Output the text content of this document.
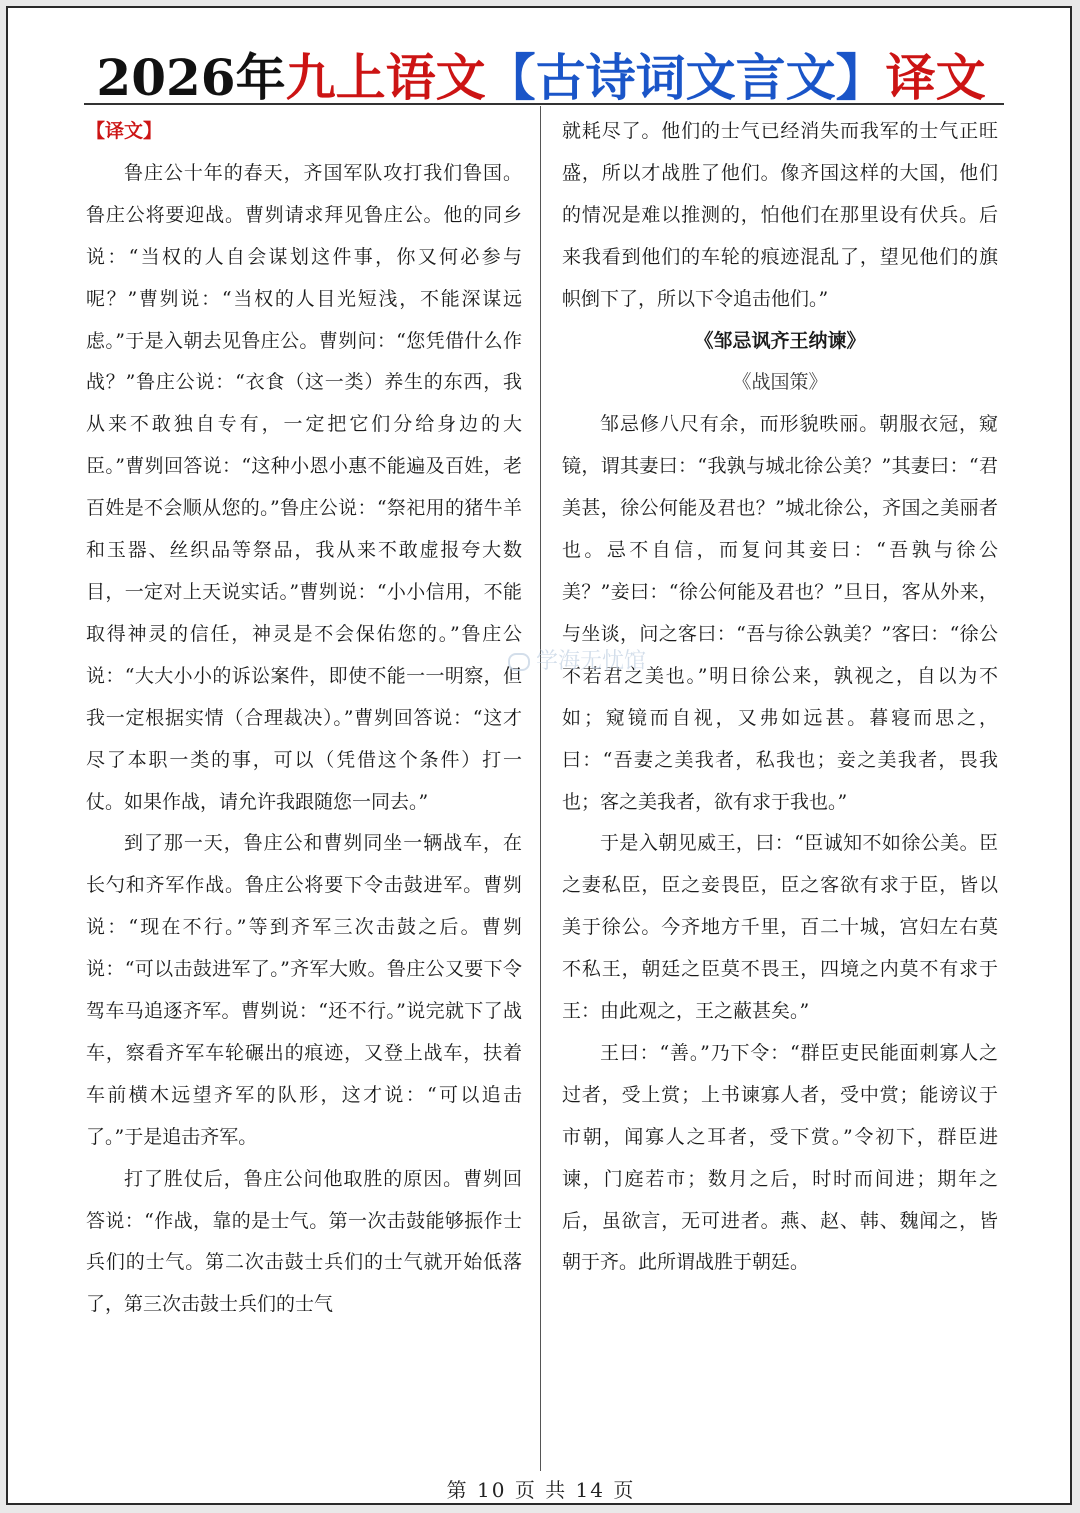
2026年九上语文【古诗词文言文】译文

【译文】

鲁庄公十年的春天，齐国军队攻打我们鲁国。鲁庄公将要迎战。曹刿请求拜见鲁庄公。他的同乡说：“当权的人自会谋划这件事，你又何必参与呢？”曹刿说：“当权的人目光短浅，不能深谋远虑。”于是入朝去见鲁庄公。曹刿问：“您凭借什么作战？”鲁庄公说：“衣食（这一类）养生的东西，我从来不敢独自专有，一定把它们分给身边的大臣。”曹刿回答说：“这种小恩小惠不能遍及百姓，老百姓是不会顺从您的。”鲁庄公说：“祭祀用的猪牛羊和玉器、丝织品等祭品，我从来不敢虚报夸大数目，一定对上天说实话。”曹刿说：“小小信用，不能取得神灵的信任，神灵是不会保佑您的。”鲁庄公说：“大大小小的诉讼案件，即使不能一一明察，但我一定根据实情（合理裁决）。”曹刿回答说：“这才尽了本职一类的事，可以（凭借这个条件）打一仗。如果作战，请允许我跟随您一同去。”

到了那一天，鲁庄公和曹刿同坐一辆战车，在长勺和齐军作战。鲁庄公将要下令击鼓进军。曹刿说：“现在不行。”等到齐军三次击鼓之后。曹刿说：“可以击鼓进军了。”齐军大败。鲁庄公又要下令驾车马追逐齐军。曹刿说：“还不行。”说完就下了战车，察看齐军车轮碾出的痕迹，又登上战车，扶着车前横木远望齐军的队形，这才说：“可以追击了。”于是追击齐军。

打了胜仗后，鲁庄公问他取胜的原因。曹刿回答说：“作战，靠的是士气。第一次击鼓能够振作士兵们的士气。第二次击鼓士兵们的士气就开始低落了，第三次击鼓士兵们的士气

就耗尽了。他们的士气已经消失而我军的士气正旺盛，所以才战胜了他们。像齐国这样的大国，他们的情况是难以推测的，怕他们在那里设有伏兵。后来我看到他们的车轮的痕迹混乱了，望见他们的旗帜倒下了，所以下令追击他们。”

《邹忌讽齐王纳谏》

《战国策》

邹忌修八尺有余，而形貌昳丽。朝服衣冠，窥镜，谓其妻曰：“我孰与城北徐公美？”其妻曰：“君美甚，徐公何能及君也？”城北徐公，齐国之美丽者也。忌不自信，而复问其妾曰：“吾孰与徐公美？”妾曰：“徐公何能及君也？”旦日，客从外来，与坐谈，问之客曰：“吾与徐公孰美？”客曰：“徐公不若君之美也。”明日徐公来，孰视之，自以为不如；窥镜而自视，又弗如远甚。暮寝而思之，曰：“吾妻之美我者，私我也；妾之美我者，畏我也；客之美我者，欲有求于我也。”

于是入朝见威王，曰：“臣诚知不如徐公美。臣之妻私臣，臣之妾畏臣，臣之客欲有求于臣，皆以美于徐公。今齐地方千里，百二十城，宫妇左右莫不私王，朝廷之臣莫不畏王，四境之内莫不有求于王：由此观之，王之蔽甚矣。”

王曰：“善。”乃下令：“群臣吏民能面刺寡人之过者，受上赏；上书谏寡人者，受中赏；能谤议于市朝，闻寡人之耳者，受下赏。”令初下，群臣进谏，门庭若市；数月之后，时时而间进；期年之后，虽欲言，无可进者。燕、赵、韩、魏闻之，皆朝于齐。此所谓战胜于朝廷。

学海无忧馆
第 10 页 共 14 页
